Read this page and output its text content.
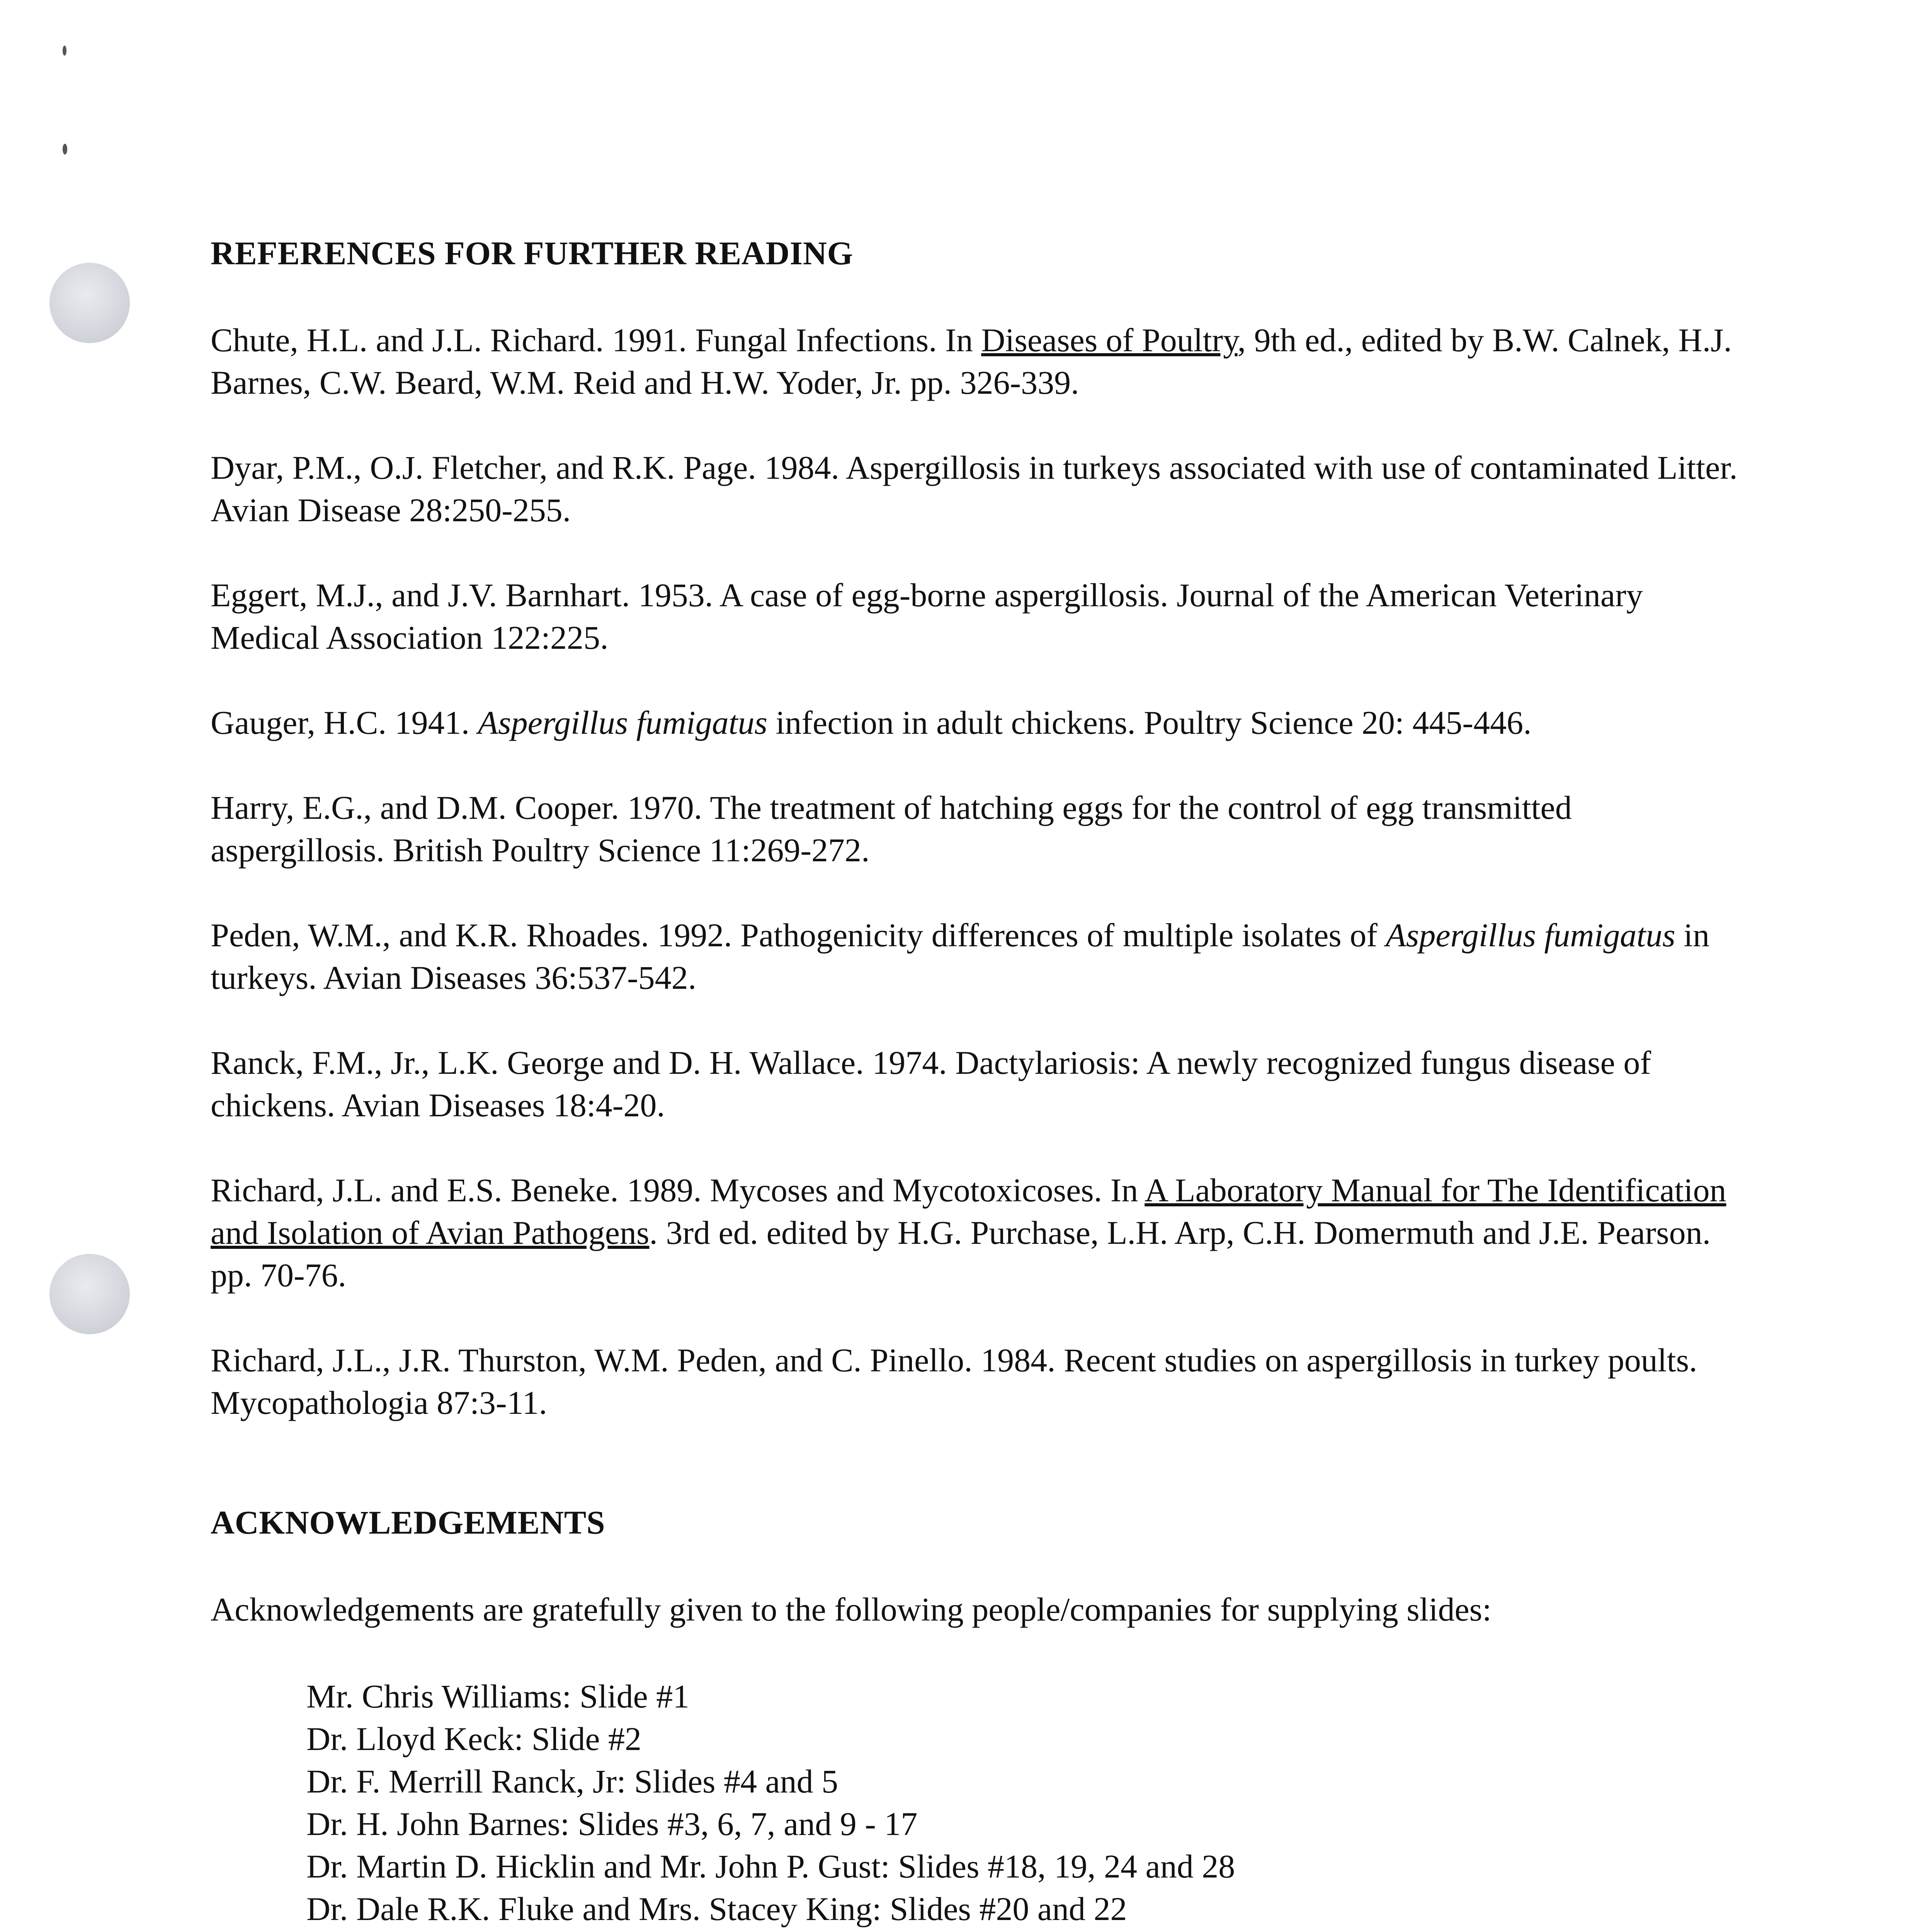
REFERENCES FOR FURTHER READING

Chute, H.L. and J.L. Richard. 1991. Fungal Infections. In Diseases of Poultry, 9th ed., edited by B.W. Calnek, H.J. Barnes, C.W. Beard, W.M. Reid and H.W. Yoder, Jr. pp. 326-339.

Dyar, P.M., O.J. Fletcher, and R.K. Page. 1984. Aspergillosis in turkeys associated with use of contaminated Litter. Avian Disease 28:250-255.

Eggert, M.J., and J.V. Barnhart. 1953. A case of egg-borne aspergillosis. Journal of the American Veterinary Medical Association 122:225.

Gauger, H.C. 1941. Aspergillus fumigatus infection in adult chickens. Poultry Science 20: 445-446.

Harry, E.G., and D.M. Cooper. 1970. The treatment of hatching eggs for the control of egg transmitted aspergillosis. British Poultry Science 11:269-272.

Peden, W.M., and K.R. Rhoades. 1992. Pathogenicity differences of multiple isolates of Aspergillus fumigatus in turkeys. Avian Diseases 36:537-542.

Ranck, F.M., Jr., L.K. George and D. H. Wallace. 1974. Dactylariosis: A newly recognized fungus disease of chickens. Avian Diseases 18:4-20.

Richard, J.L. and E.S. Beneke. 1989. Mycoses and Mycotoxicoses. In A Laboratory Manual for The Identification and Isolation of Avian Pathogens. 3rd ed. edited by H.G. Purchase, L.H. Arp, C.H. Domermuth and J.E. Pearson. pp. 70-76.

Richard, J.L., J.R. Thurston, W.M. Peden, and C. Pinello. 1984. Recent studies on aspergillosis in turkey poults. Mycopathologia 87:3-11.

ACKNOWLEDGEMENTS

Acknowledgements are gratefully given to the following people/companies for supplying slides:

Mr. Chris Williams: Slide #1
Dr. Lloyd Keck: Slide #2
Dr. F. Merrill Ranck, Jr: Slides #4 and 5
Dr. H. John Barnes: Slides #3, 6, 7, and 9 - 17
Dr. Martin D. Hicklin and Mr. John P. Gust: Slides #18, 19, 24 and 28
Dr. Dale R.K. Fluke and Mrs. Stacey King: Slides #20 and 22
